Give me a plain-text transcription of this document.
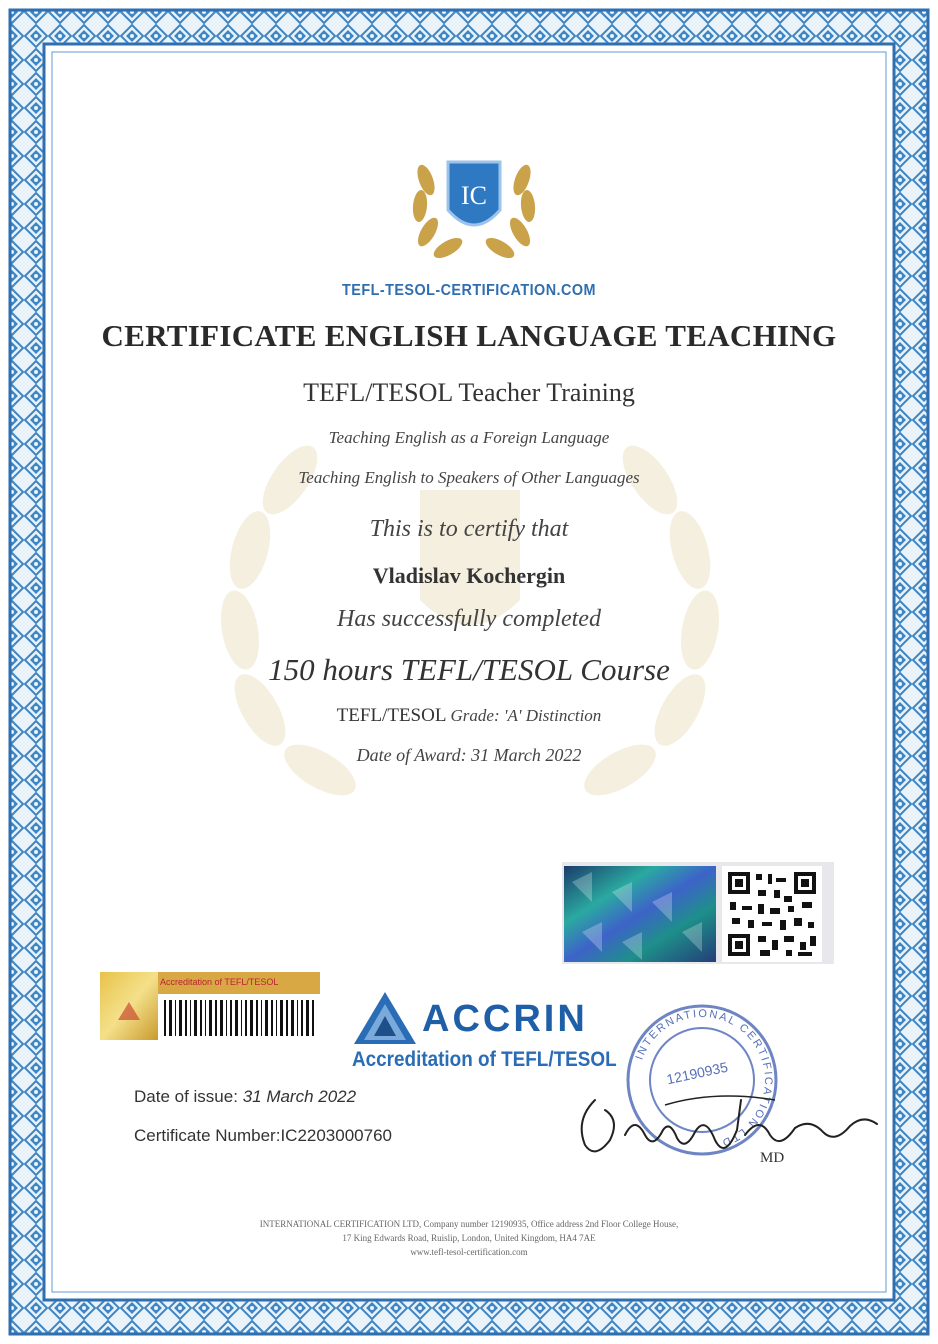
IC
TEFL-TESOL-CERTIFICATION.COM
CERTIFICATE ENGLISH LANGUAGE TEACHING
TEFL/TESOL Teacher Training
Teaching English as a Foreign Language
Teaching English to Speakers of Other Languages
This is to certify that
Vladislav Kochergin
Has successfully completed
150 hours TEFL/TESOL Course
TEFL/TESOL Grade: 'A' Distinction
Date of Award: 31 March 2022
Accreditation of TEFL/TESOL
ACCRIN
Accreditation of TEFL/TESOL
Date of issue: 31 March 2022
Certificate Number:IC2203000760
INTERNATIONAL CERTIFICATION LTD
12190935
MD
INTERNATIONAL CERTIFICATION LTD, Company number 12190935, Office address 2nd Floor College House,
17 King Edwards Road, Ruislip, London, United Kingdom, HA4 7AE
www.tefl-tesol-certification.com
